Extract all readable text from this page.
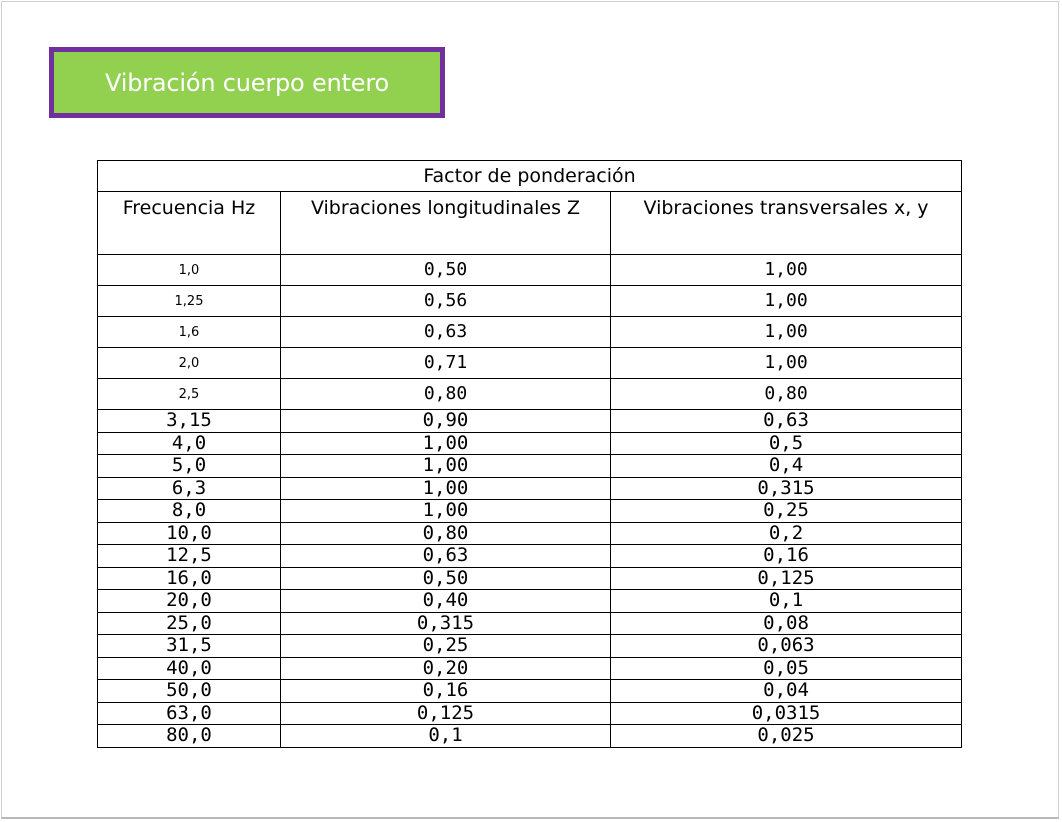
Vibración cuerpo entero
Factor de ponderación		
Frecuencia Hz	Vibraciones longitudinales Z	Vibraciones transversales x, y
1,0	0,50	1,00
1,25	0,56	1,00
1,6	0,63	1,00
2,0	0,71	1,00
2,5	0,80	0,80
3,15	0,90	0,63
4,0	1,00	0,5
5,0	1,00	0,4
6,3	1,00	0,315
8,0	1,00	0,25
10,0	0,80	0,2
12,5	0,63	0,16
16,0	0,50	0,125
20,0	0,40	0,1
25,0	0,315	0,08
31,5	0,25	0,063
40,0	0,20	0,05
50,0	0,16	0,04
63,0	0,125	0,0315
80,0	0,1	0,025
